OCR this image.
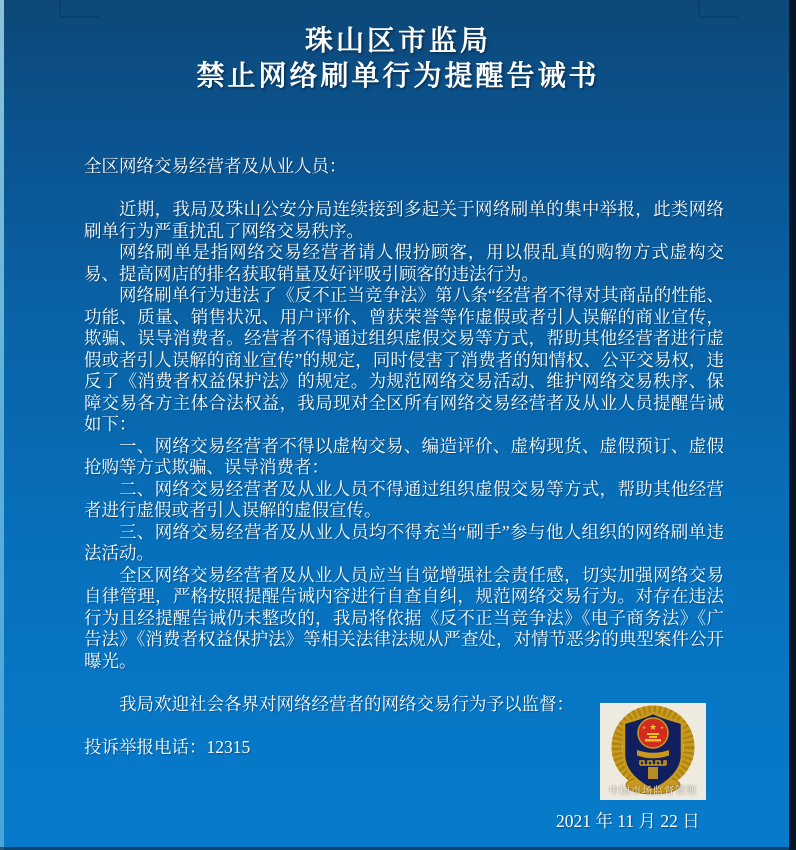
珠山区市监局
禁止网络刷单行为提醒告诫书

全区网络交易经营者及从业人员：

近期，我局及珠山公安分局连续接到多起关于网络刷单的集中举报，此类网络刷单行为严重扰乱了网络交易秩序。

网络刷单是指网络交易经营者请人假扮顾客，用以假乱真的购物方式虚构交易、提高网店的排名获取销量及好评吸引顾客的违法行为。

网络刷单行为违法了《反不正当竞争法》第八条“经营者不得对其商品的性能、功能、质量、销售状况、用户评价、曾获荣誉等作虚假或者引人误解的商业宣传，欺骗、误导消费者。经营者不得通过组织虚假交易等方式，帮助其他经营者进行虚假或者引人误解的商业宣传”的规定，同时侵害了消费者的知情权、公平交易权，违反了《消费者权益保护法》的规定。为规范网络交易活动、维护网络交易秩序、保障交易各方主体合法权益，我局现对全区所有网络交易经营者及从业人员提醒告诫如下：

一、网络交易经营者不得以虚构交易、编造评价、虚构现货、虚假预订、虚假抢购等方式欺骗、误导消费者：

二、网络交易经营者及从业人员不得通过组织虚假交易等方式，帮助其他经营者进行虚假或者引人误解的虚假宣传。

三、网络交易经营者及从业人员均不得充当“刷手”参与他人组织的网络刷单违法活动。

全区网络交易经营者及从业人员应当自觉增强社会责任感，切实加强网络交易自律管理，严格按照提醒告诫内容进行自查自纠，规范网络交易行为。对存在违法行为且经提醒告诫仍未整改的，我局将依据《反不正当竞争法》《电子商务法》《广告法》《消费者权益保护法》等相关法律法规从严查处，对情节恶劣的典型案件公开曝光。

我局欢迎社会各界对网络经营者的网络交易行为予以监督：

投诉举报电话：12315

★
★	★
中国市场监督管理
2021 年 11 月 22 日
